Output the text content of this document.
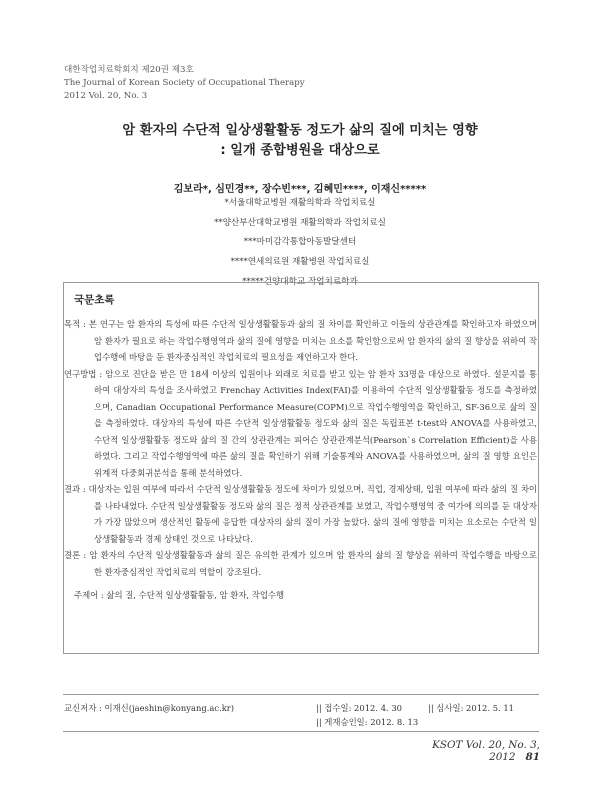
대한작업치료학회지 제20권 제3호
The Journal of Korean Society of Occupational Therapy
2012 Vol. 20, No. 3
암 환자의 수단적 일상생활활동 정도가 삶의 질에 미치는 영향
: 일개 종합병원을 대상으로
김보라*, 심민경**, 장수빈***, 김혜민****, 이재신*****
*서울대학교병원 재활의학과 작업치료실
**양산부산대학교병원 재활의학과 작업치료실
***마미감각통합아동발달센터
****연세의료원 재활병원 작업치료실
*****건양대학교 작업치료학과
국문초록

목적 : 본 연구는 암 환자의 특성에 따른 수단적 일상생활활동과 삶의 질 차이를 확인하고 이들의 상관관계를 확인하고자 하였으며 암 환자가 필요로 하는 작업수행영역과 삶의 질에 영향을 미치는 요소를 확인함으로써 암 환자의 삶의 질 향상을 위하여 작업수행에 바탕을 둔 환자중심적인 작업치료의 필요성을 제언하고자 한다.

연구방법 : 암으로 진단을 받은 만 18세 이상의 입원이나 외래로 치료를 받고 있는 암 환자 33명을 대상으로 하였다. 설문지를 통하여 대상자의 특성을 조사하였고 Frenchay Activities Index(FAI)를 이용하여 수단적 일상생활활동 정도를 측정하였으며, Canadian Occupational Performance Measure(COPM)으로 작업수행영역을 확인하고, SF-36으로 삶의 질을 측정하였다. 대상자의 특성에 따른 수단적 일상생활활동 정도와 삶의 질은 독립표본 t-test와 ANOVA를 사용하였고, 수단적 일상생활활동 정도와 삶의 질 간의 상관관계는 피어슨 상관관계분석(Pearson`s Correlation Efficient)을 사용하였다. 그리고 작업수행영역에 따른 삶의 질을 확인하기 위해 기술통계와 ANOVA를 사용하였으며, 삶의 질 영향 요인은 위계적 다중회귀분석을 통해 분석하였다.

결과 : 대상자는 입원 여부에 따라서 수단적 일상생활활동 정도에 차이가 있었으며, 직업, 경제상태, 입원 여부에 따라 삶의 질 차이를 나타내었다. 수단적 일상생활활동 정도와 삶의 질은 정적 상관관계를 보였고, 작업수행영역 중 여가에 의의를 둔 대상자가 가장 많았으며 생산적인 활동에 응답한 대상자의 삶의 질이 가장 높았다. 삶의 질에 영향을 미치는 요소로는 수단적 일상생활활동과 경제 상태인 것으로 나타났다.

결론 : 암 환자의 수단적 일상생활활동과 삶의 질은 유의한 관계가 있으며 암 환자의 삶의 질 향상을 위하여 작업수행을 바탕으로 한 환자중심적인 작업치료의 역할이 강조된다.

주제어 : 삶의 질, 수단적 일상생활활동, 암 환자, 작업수행
교신저자 : 이재신(jaeshin@konyang.ac.kr)	|| 접수일: 2012. 4. 30	|| 심사일: 2012. 5. 11
|| 게재승인일: 2012. 8. 13
KSOT Vol. 20, No. 3, 2012 81
